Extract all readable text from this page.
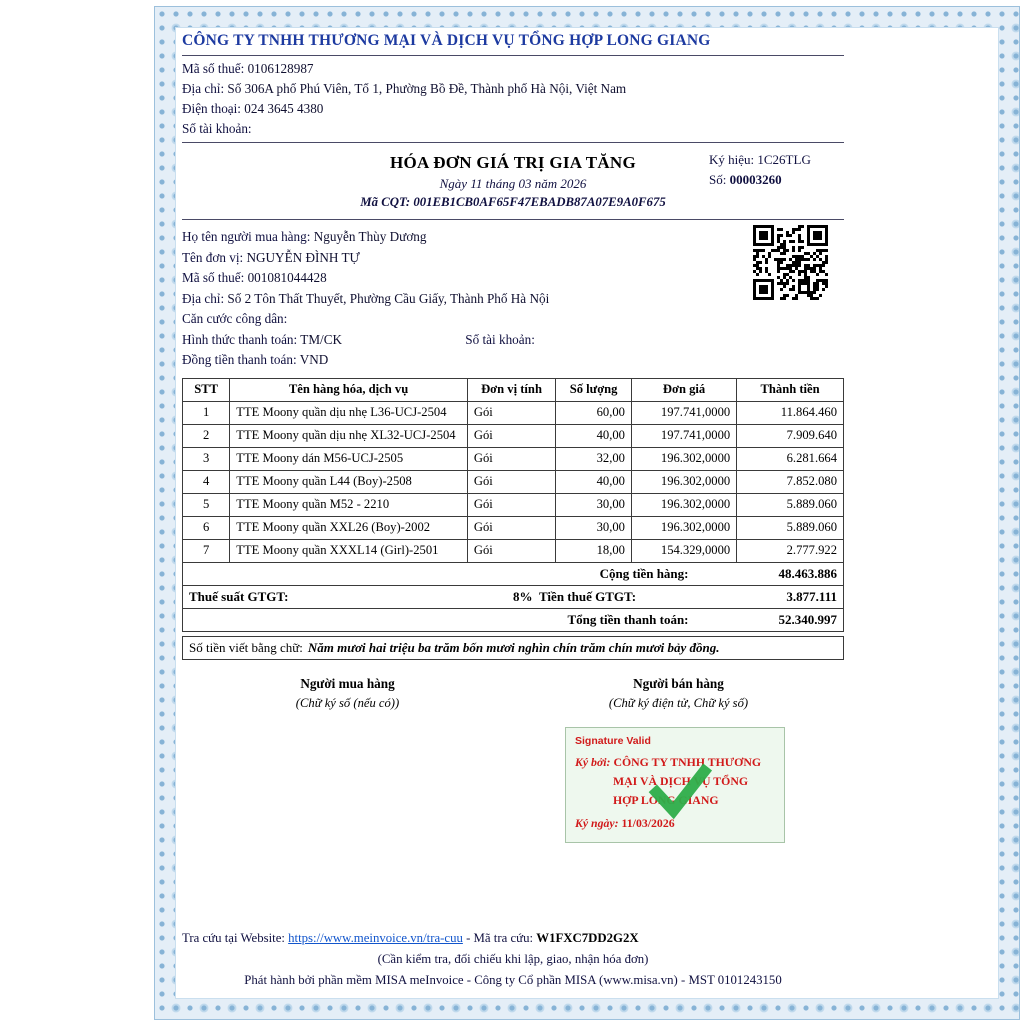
CÔNG TY TNHH THƯƠNG MẠI VÀ DỊCH VỤ TỔNG HỢP LONG GIANG
Mã số thuế: 0106128987
Địa chỉ: Số 306A phố Phú Viên, Tổ 1, Phường Bồ Đề, Thành phố Hà Nội, Việt Nam
Điện thoại: 024 3645 4380
Số tài khoản:
HÓA ĐƠN GIÁ TRỊ GIA TĂNG
Ngày 11 tháng 03 năm 2026
Mã CQT: 001EB1CB0AF65F47EBADB87A07E9A0F675
Ký hiệu: 1C26TLG
Số: 00003260
Họ tên người mua hàng: Nguyễn Thùy Dương
Tên đơn vị: NGUYỄN ĐÌNH TỰ
Mã số thuế: 001081044428
Địa chỉ: Số 2 Tôn Thất Thuyết, Phường Cầu Giấy, Thành Phố Hà Nội
Căn cước công dân:
Hình thức thanh toán: TM/CK	Số tài khoản:
Đồng tiền thanh toán: VND
STT	Tên hàng hóa, dịch vụ	Đơn vị tính	Số lượng	Đơn giá	Thành tiền
1	TTE Moony quần dịu nhẹ L36-UCJ-2504	Gói	60,00	197.741,0000	11.864.460
2	TTE Moony quần dịu nhẹ XL32-UCJ-2504	Gói	40,00	197.741,0000	7.909.640
3	TTE Moony dán M56-UCJ-2505	Gói	32,00	196.302,0000	6.281.664
4	TTE Moony quần L44 (Boy)-2508	Gói	40,00	196.302,0000	7.852.080
5	TTE Moony quần M52 - 2210	Gói	30,00	196.302,0000	5.889.060
6	TTE Moony quần XXL26 (Boy)-2002	Gói	30,00	196.302,0000	5.889.060
7	TTE Moony quần XXXL14 (Girl)-2501	Gói	18,00	154.329,0000	2.777.922
Cộng tiền hàng:	48.463.886
Thuế suất GTGT:	8% Tiền thuế GTGT:	3.877.111
Tổng tiền thanh toán:	52.340.997
Số tiền viết bằng chữ: Năm mươi hai triệu ba trăm bốn mươi nghìn chín trăm chín mươi bảy đồng.
Người mua hàng
(Chữ ký số (nếu có))
Người bán hàng
(Chữ ký điện tử, Chữ ký số)
Signature Valid
Ký bởi: CÔNG TY TNHH THƯƠNG MẠI VÀ DỊCH VỤ TỔNG HỢP LONG GIANG
Ký ngày: 11/03/2026
Tra cứu tại Website: https://www.meinvoice.vn/tra-cuu - Mã tra cứu: W1FXC7DD2G2X
(Cần kiểm tra, đối chiếu khi lập, giao, nhận hóa đơn)
Phát hành bởi phần mềm MISA meInvoice - Công ty Cổ phần MISA (www.misa.vn) - MST 0101243150
